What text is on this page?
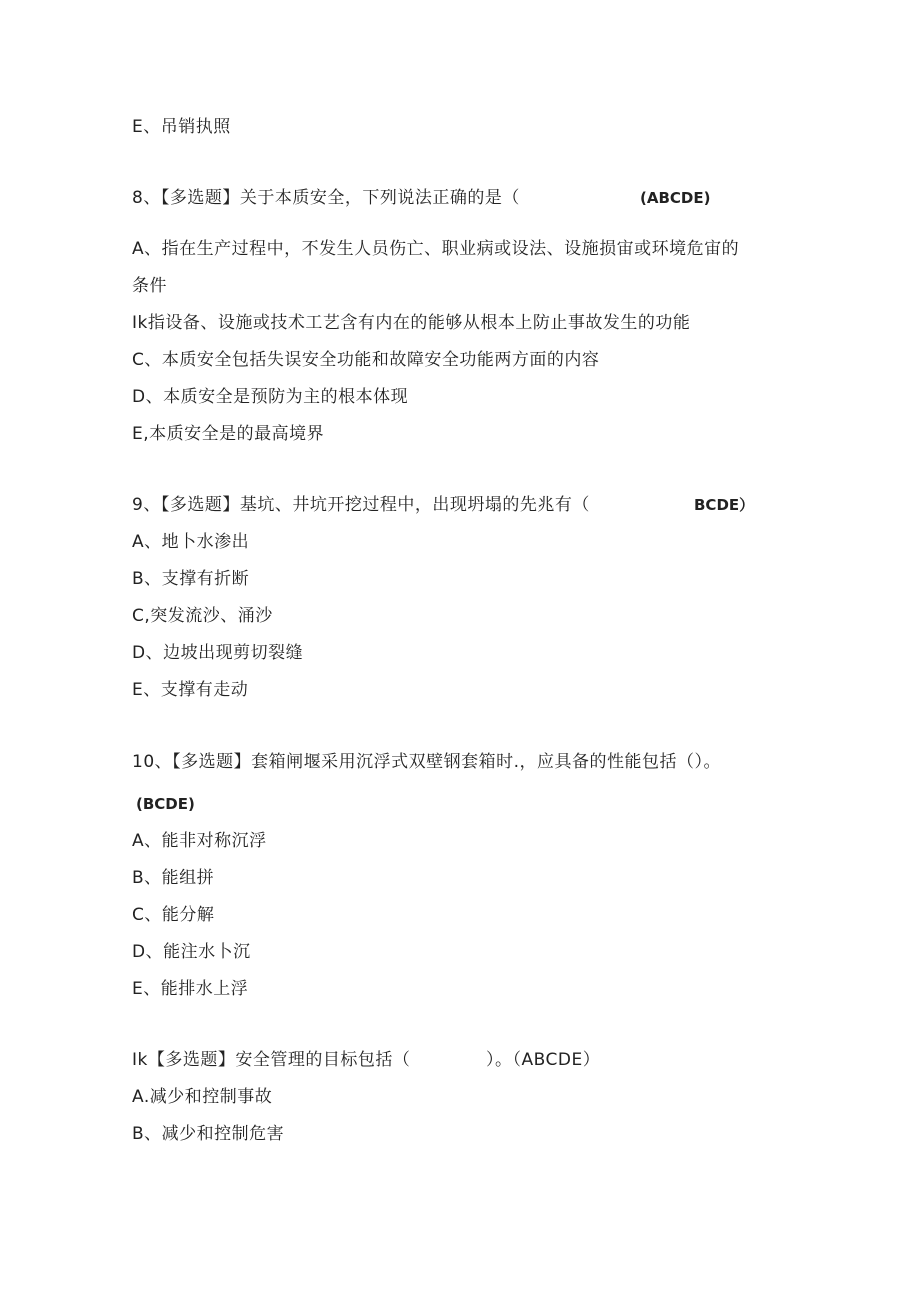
E、吊销执照
8、【多选题】关于本质安全，下列说法正确的是（	(ABCDE)
A、指在生产过程中，不发生人员伤亡、职业病或设法、设施损宙或环境危宙的
条件
Ik指设备、设施或技术工艺含有内在的能够从根本上防止事故发生的功能
C、本质安全包括失误安全功能和故障安全功能两方面的内容
D、本质安全是预防为主的根本体现
E,本质安全是的最高境界
9、【多选题】基坑、井坑开挖过程中，出现坍塌的先兆有（	BCDE）
A、地卜水渗出
B、支撑有折断
C,突发流沙、涌沙
D、边坡出现剪切裂缝
E、支撑有走动
10、【多选题】套箱闸堰采用沉浮式双壁钢套箱时.，应具备的性能包括（）。
(BCDE)
A、能非对称沉浮
B、能组拼
C、能分解
D、能注水卜沉
E、能排水上浮
Ik【多选题】安全管理的目标包括（	）。（ABCDE）
A.减少和控制事故
B、减少和控制危害
